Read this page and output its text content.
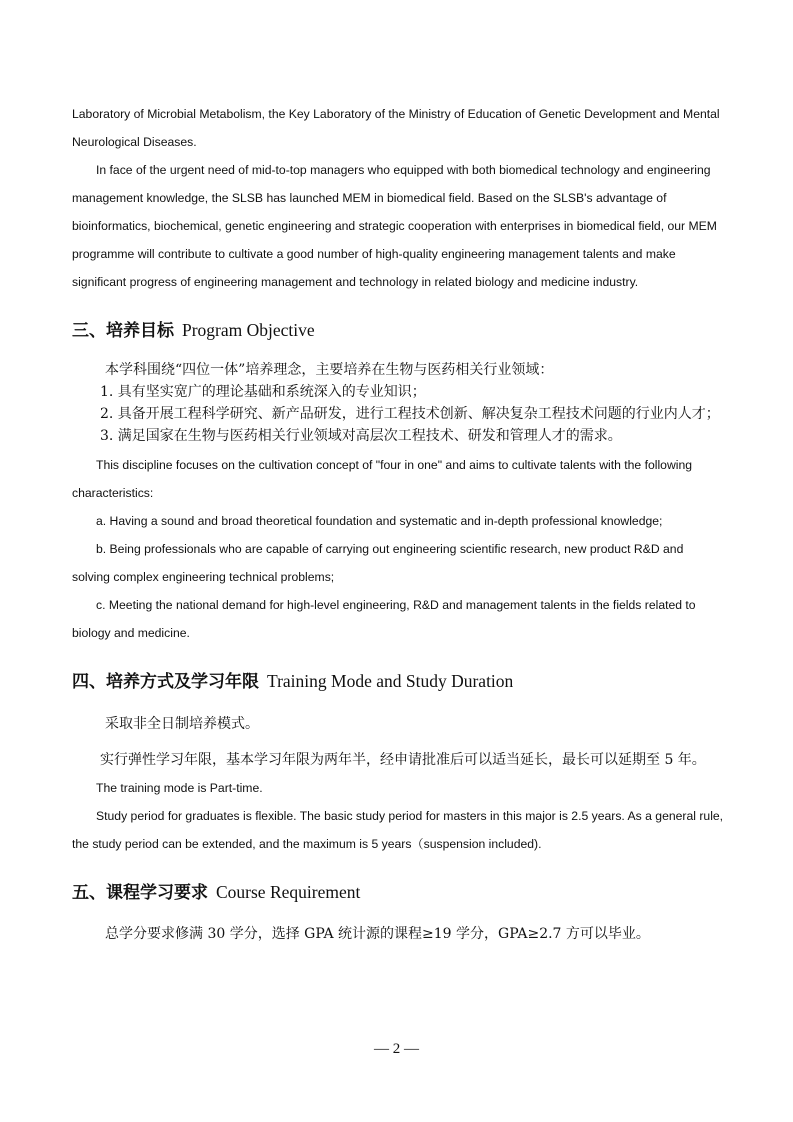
Laboratory of Microbial Metabolism, the Key Laboratory of the Ministry of Education of Genetic Development and Mental Neurological Diseases.

In face of the urgent need of mid-to-top managers who equipped with both biomedical technology and engineering management knowledge, the SLSB has launched MEM in biomedical field. Based on the SLSB's advantage of bioinformatics, biochemical, genetic engineering and strategic cooperation with enterprises in biomedical field, our MEM programme will contribute to cultivate a good number of high-quality engineering management talents and make significant progress of engineering management and technology in related biology and medicine industry.

三、培养目标 Program Objective

本学科围绕“四位一体”培养理念，主要培养在生物与医药相关行业领域：

1. 具有坚实宽广的理论基础和系统深入的专业知识；

2. 具备开展工程科学研究、新产品研发，进行工程技术创新、解决复杂工程技术问题的行业内人才；

3. 满足国家在生物与医药相关行业领域对高层次工程技术、研发和管理人才的需求。

This discipline focuses on the cultivation concept of "four in one" and aims to cultivate talents with the following characteristics:

a. Having a sound and broad theoretical foundation and systematic and in-depth professional knowledge;

b. Being professionals who are capable of carrying out engineering scientific research, new product R&D and solving complex engineering technical problems;

c. Meeting the national demand for high-level engineering, R&D and management talents in the fields related to biology and medicine.

四、培养方式及学习年限 Training Mode and Study Duration

采取非全日制培养模式。

实行弹性学习年限，基本学习年限为两年半，经申请批准后可以适当延长，最长可以延期至 5 年。

The training mode is Part-time.

Study period for graduates is flexible. The basic study period for masters in this major is 2.5 years. As a general rule, the study period can be extended, and the maximum is 5 years（suspension included).

五、课程学习要求 Course Requirement

总学分要求修满 30 学分，选择 GPA 统计源的课程≥19 学分，GPA≥2.7 方可以毕业。

— 2 —
